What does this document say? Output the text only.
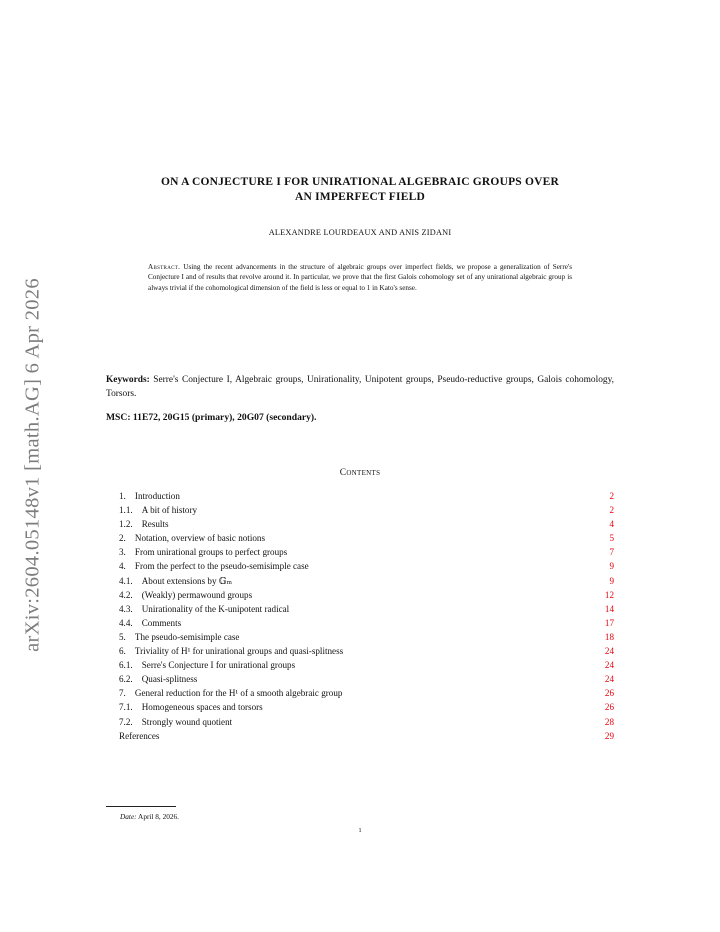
arXiv:2604.05148v1 [math.AG] 6 Apr 2026
ON A CONJECTURE I FOR UNIRATIONAL ALGEBRAIC GROUPS OVER
AN IMPERFECT FIELD
ALEXANDRE LOURDEAUX AND ANIS ZIDANI
Abstract. Using the recent advancements in the structure of algebraic groups over imperfect fields, we propose a generalization of Serre's Conjecture I and of results that revolve around it. In particular, we prove that the first Galois cohomology set of any unirational algebraic group is always trivial if the cohomological dimension of the field is less or equal to 1 in Kato's sense.
Keywords: Serre's Conjecture I, Algebraic groups, Unirationality, Unipotent groups, Pseudo-reductive groups, Galois cohomology, Torsors.
MSC: 11E72, 20G15 (primary), 20G07 (secondary).
Contents
1. Introduction	2
1.1. A bit of history	2
1.2. Results	4
2. Notation, overview of basic notions	5
3. From unirational groups to perfect groups	7
4. From the perfect to the pseudo-semisimple case	9
4.1. About extensions by 𝔾ₘ	9
4.2. (Weakly) permawound groups	12
4.3. Unirationality of the K-unipotent radical	14
4.4. Comments	17
5. The pseudo-semisimple case	18
6. Triviality of H¹ for unirational groups and quasi-splitness	24
6.1. Serre's Conjecture I for unirational groups	24
6.2. Quasi-splitness	24
7. General reduction for the H¹ of a smooth algebraic group	26
7.1. Homogeneous spaces and torsors	26
7.2. Strongly wound quotient	28
References	29
Date: April 8, 2026.
1
